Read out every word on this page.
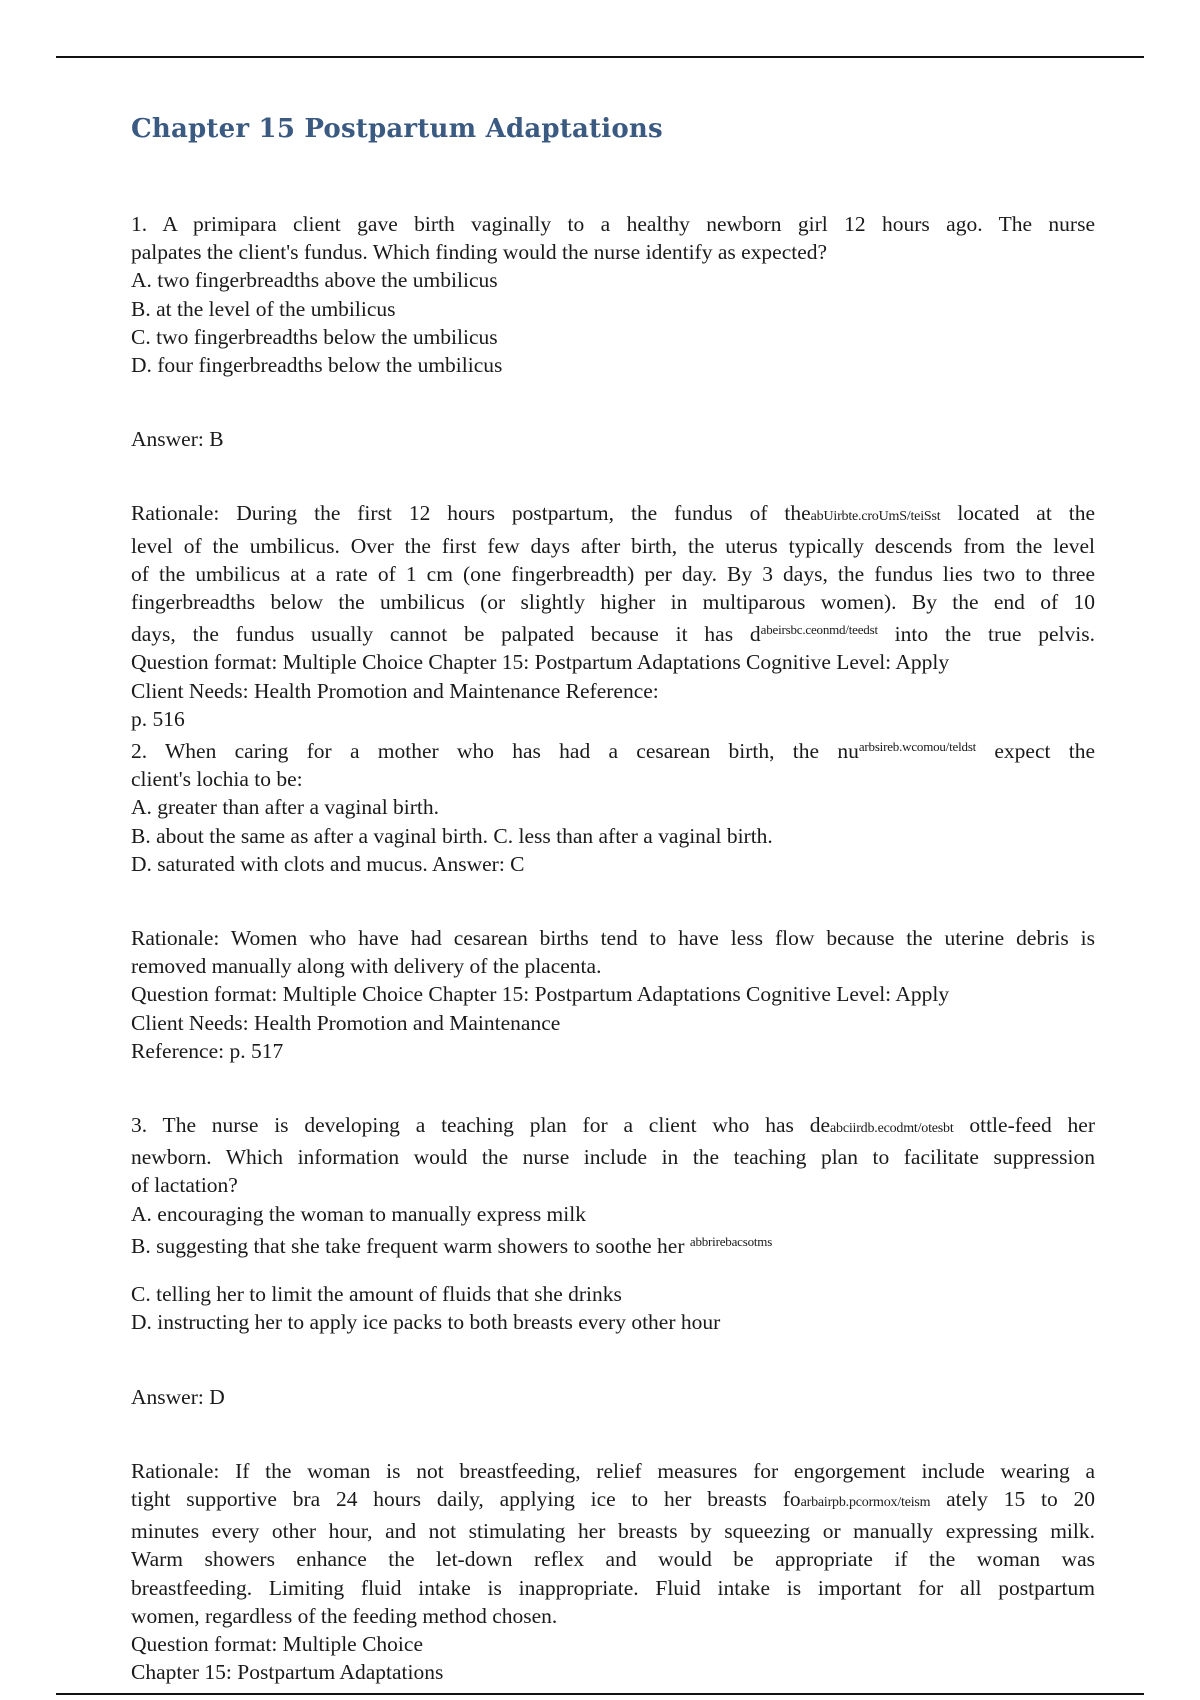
Chapter 15 Postpartum Adaptations

1. A primipara client gave birth vaginally to a healthy newborn girl 12 hours ago. The nurse

palpates the client's fundus. Which finding would the nurse identify as expected?

A. two fingerbreadths above the umbilicus

B. at the level of the umbilicus

C. two fingerbreadths below the umbilicus

D. four fingerbreadths below the umbilicus

Answer: B

Rationale: During the first 12 hours postpartum, the fundus of theabUirbte.croUmS/teiSst located at the

level of the umbilicus. Over the first few days after birth, the uterus typically descends from the level

of the umbilicus at a rate of 1 cm (one fingerbreadth) per day. By 3 days, the fundus lies two to three

fingerbreadths below the umbilicus (or slightly higher in multiparous women). By the end of 10

days, the fundus usually cannot be palpated because it has $d^{abeirsbc.ceonmd/teedst}$ into the true pelvis.

Question format: Multiple Choice Chapter 15: Postpartum Adaptations Cognitive Level: Apply

Client Needs: Health Promotion and Maintenance Reference:

p. 516

2. When caring for a mother who has had a cesarean birth, the $nu^{arbsireb.wcomou/teldst}$ expect the

client's lochia to be:

A. greater than after a vaginal birth.

B. about the same as after a vaginal birth. C. less than after a vaginal birth.

D. saturated with clots and mucus. Answer: C

Rationale: Women who have had cesarean births tend to have less flow because the uterine debris is

removed manually along with delivery of the placenta.

Question format: Multiple Choice Chapter 15: Postpartum Adaptations Cognitive Level: Apply

Client Needs: Health Promotion and Maintenance

Reference: p. 517

3. The nurse is developing a teaching plan for a client who has deabciirdb.ecodmt/otesbt ottle-feed her

newborn. Which information would the nurse include in the teaching plan to facilitate suppression

of lactation?

A. encouraging the woman to manually express milk

B. suggesting that she take frequent warm showers to soothe her $^{abbrirebacsotms}$

C. telling her to limit the amount of fluids that she drinks

D. instructing her to apply ice packs to both breasts every other hour

Answer: D

Rationale: If the woman is not breastfeeding, relief measures for engorgement include wearing a

tight supportive bra 24 hours daily, applying ice to her breasts foarbairpb.pcormox/teism ately 15 to 20

minutes every other hour, and not stimulating her breasts by squeezing or manually expressing milk.

Warm showers enhance the let-down reflex and would be appropriate if the woman was

breastfeeding. Limiting fluid intake is inappropriate. Fluid intake is important for all postpartum

women, regardless of the feeding method chosen.

Question format: Multiple Choice

Chapter 15: Postpartum Adaptations
